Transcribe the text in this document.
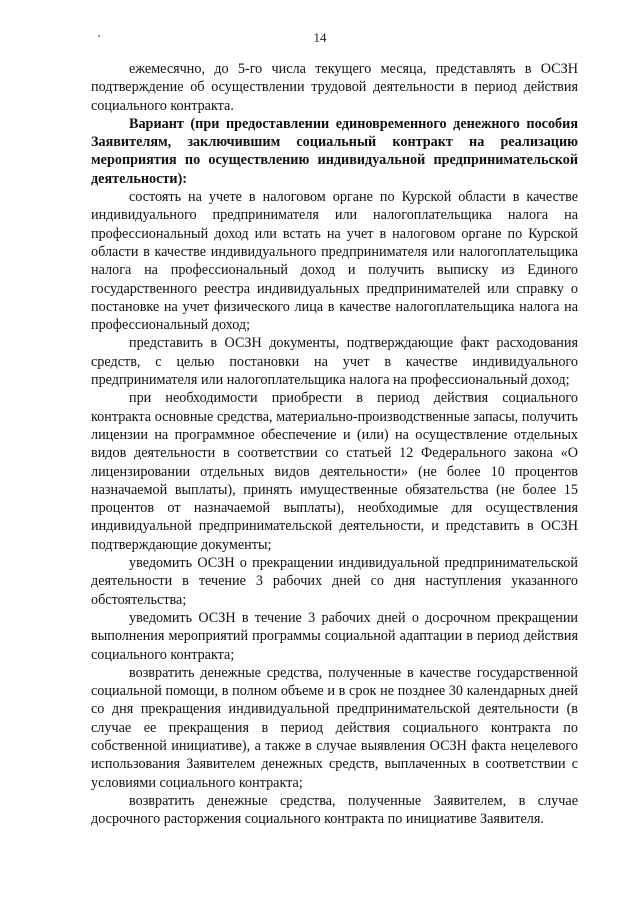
14

ежемесячно, до 5-го числа текущего месяца, представлять в ОСЗН подтверждение об осуществлении трудовой деятельности в период действия социального контракта.

Вариант (при предоставлении единовременного денежного пособия Заявителям, заключившим социальный контракт на реализацию мероприятия по осуществлению индивидуальной предпринимательской деятельности):

состоять на учете в налоговом органе по Курской области в качестве индивидуального предпринимателя или налогоплательщика налога на профессиональный доход или встать на учет в налоговом органе по Курской области в качестве индивидуального предпринимателя или налогоплательщика налога на профессиональный доход и получить выписку из Единого государственного реестра индивидуальных предпринимателей или справку о постановке на учет физического лица в качестве налогоплательщика налога на профессиональный доход;

представить в ОСЗН документы, подтверждающие факт расходования средств, с целью постановки на учет в качестве индивидуального предпринимателя или налогоплательщика налога на профессиональный доход;

при необходимости приобрести в период действия социального контракта основные средства, материально-производственные запасы, получить лицензии на программное обеспечение и (или) на осуществление отдельных видов деятельности в соответствии со статьей 12 Федерального закона «О лицензировании отдельных видов деятельности» (не более 10 процентов назначаемой выплаты), принять имущественные обязательства (не более 15 процентов от назначаемой выплаты), необходимые для осуществления индивидуальной предпринимательской деятельности, и представить в ОСЗН подтверждающие документы;

уведомить ОСЗН о прекращении индивидуальной предпринимательской деятельности в течение 3 рабочих дней со дня наступления указанного обстоятельства;

уведомить ОСЗН в течение 3 рабочих дней о досрочном прекращении выполнения мероприятий программы социальной адаптации в период действия социального контракта;

возвратить денежные средства, полученные в качестве государственной социальной помощи, в полном объеме и в срок не позднее 30 календарных дней со дня прекращения индивидуальной предпринимательской деятельности (в случае ее прекращения в период действия социального контракта по собственной инициативе), а также в случае выявления ОСЗН факта нецелевого использования Заявителем денежных средств, выплаченных в соответствии с условиями социального контракта;

возвратить денежные средства, полученные Заявителем, в случае досрочного расторжения социального контракта по инициативе Заявителя.
